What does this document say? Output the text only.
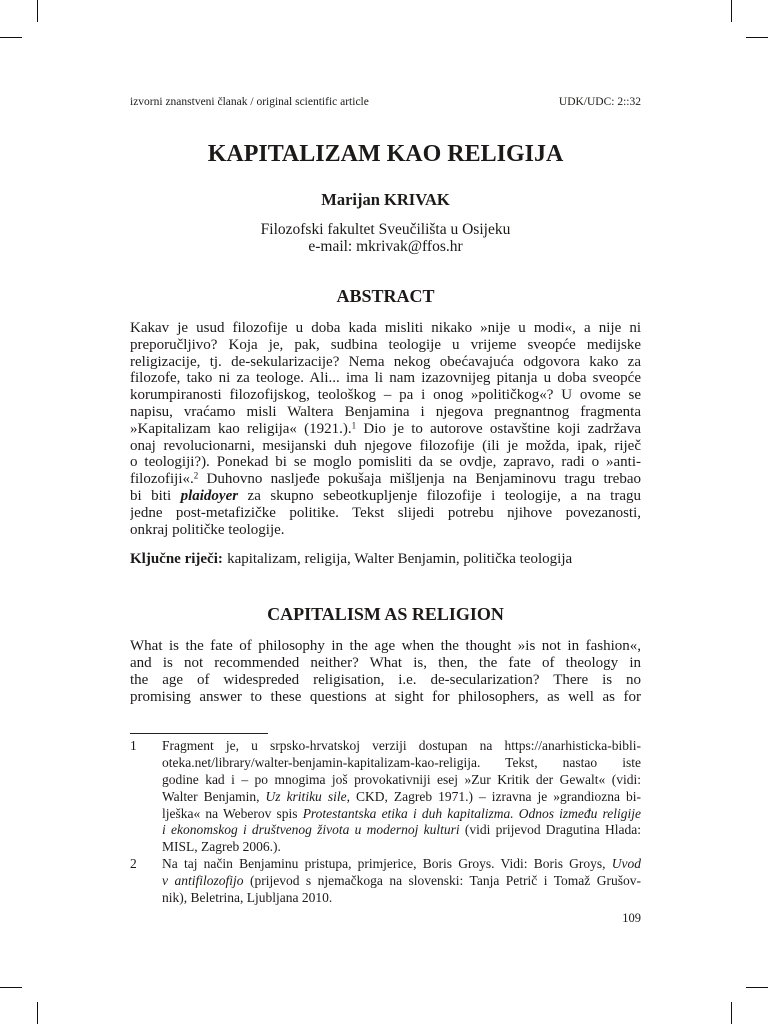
izvorni znanstveni članak / original scientific article	UDK/UDC: 2::32
KAPITALIZAM KAO RELIGIJA
Marijan KRIVAK
Filozofski fakultet Sveučilišta u Osijeku
e-mail: mkrivak@ffos.hr
ABSTRACT
Kakav je usud filozofije u doba kada misliti nikako »nije u modi«, a nije ni
preporučljivo? Koja je, pak, sudbina teologije u vrijeme sveopće medijske
religizacije, tj. de-sekularizacije? Nema nekog obećavajuća odgovora kako za
filozofe, tako ni za teologe. Ali... ima li nam izazovnijeg pitanja u doba sveopće
korumpiranosti filozofijskog, teološkog – pa i onog »političkog«? U ovome se
napisu, vraćamo misli Waltera Benjamina i njegova pregnantnog fragmenta
»Kapitalizam kao religija« (1921.).$^1$ Dio je to autorove ostavštine koji zadržava
onaj revolucionarni, mesijanski duh njegove filozofije (ili je možda, ipak, riječ
o teologiji?). Ponekad bi se moglo pomisliti da se ovdje, zapravo, radi o »anti-
filozofiji«.$^2$ Duhovno nasljeđe pokušaja mišljenja na Benjaminovu tragu trebao
bi biti plaidoyer za skupno sebeotkupljenje filozofije i teologije, a na tragu
jedne post-metafizičke politike. Tekst slijedi potrebu njihove povezanosti,
onkraj političke teologije.
Ključne riječi: kapitalizam, religija, Walter Benjamin, politička teologija
CAPITALISM AS RELIGION
What is the fate of philosophy in the age when the thought »is not in fashion«,
and is not recommended neither? What is, then, the fate of theology in
the age of widespreded religisation, i.e. de-secularization? There is no
promising answer to these questions at sight for philosophers, as well as for
1 Fragment je, u srpsko-hrvatskoj verziji dostupan na https://anarhisticka-bibli-
oteka.net/library/walter-benjamin-kapitalizam-kao-religija. Tekst, nastao iste
godine kad i – po mnogima još provokativniji esej »Zur Kritik der Gewalt« (vidi:
Walter Benjamin, Uz kritiku sile, CKD, Zagreb 1971.) – izravna je »grandiozna bi-
lješka« na Weberov spis Protestantska etika i duh kapitalizma. Odnos između religije
i ekonomskog i društvenog života u modernoj kulturi (vidi prijevod Dragutina Hlada:
MISL, Zagreb 2006.).
2 Na taj način Benjaminu pristupa, primjerice, Boris Groys. Vidi: Boris Groys, Uvod
v antifilozofijo (prijevod s njemačkoga na slovenski: Tanja Petrič i Tomaž Grušov-
nik), Beletrina, Ljubljana 2010.
109
